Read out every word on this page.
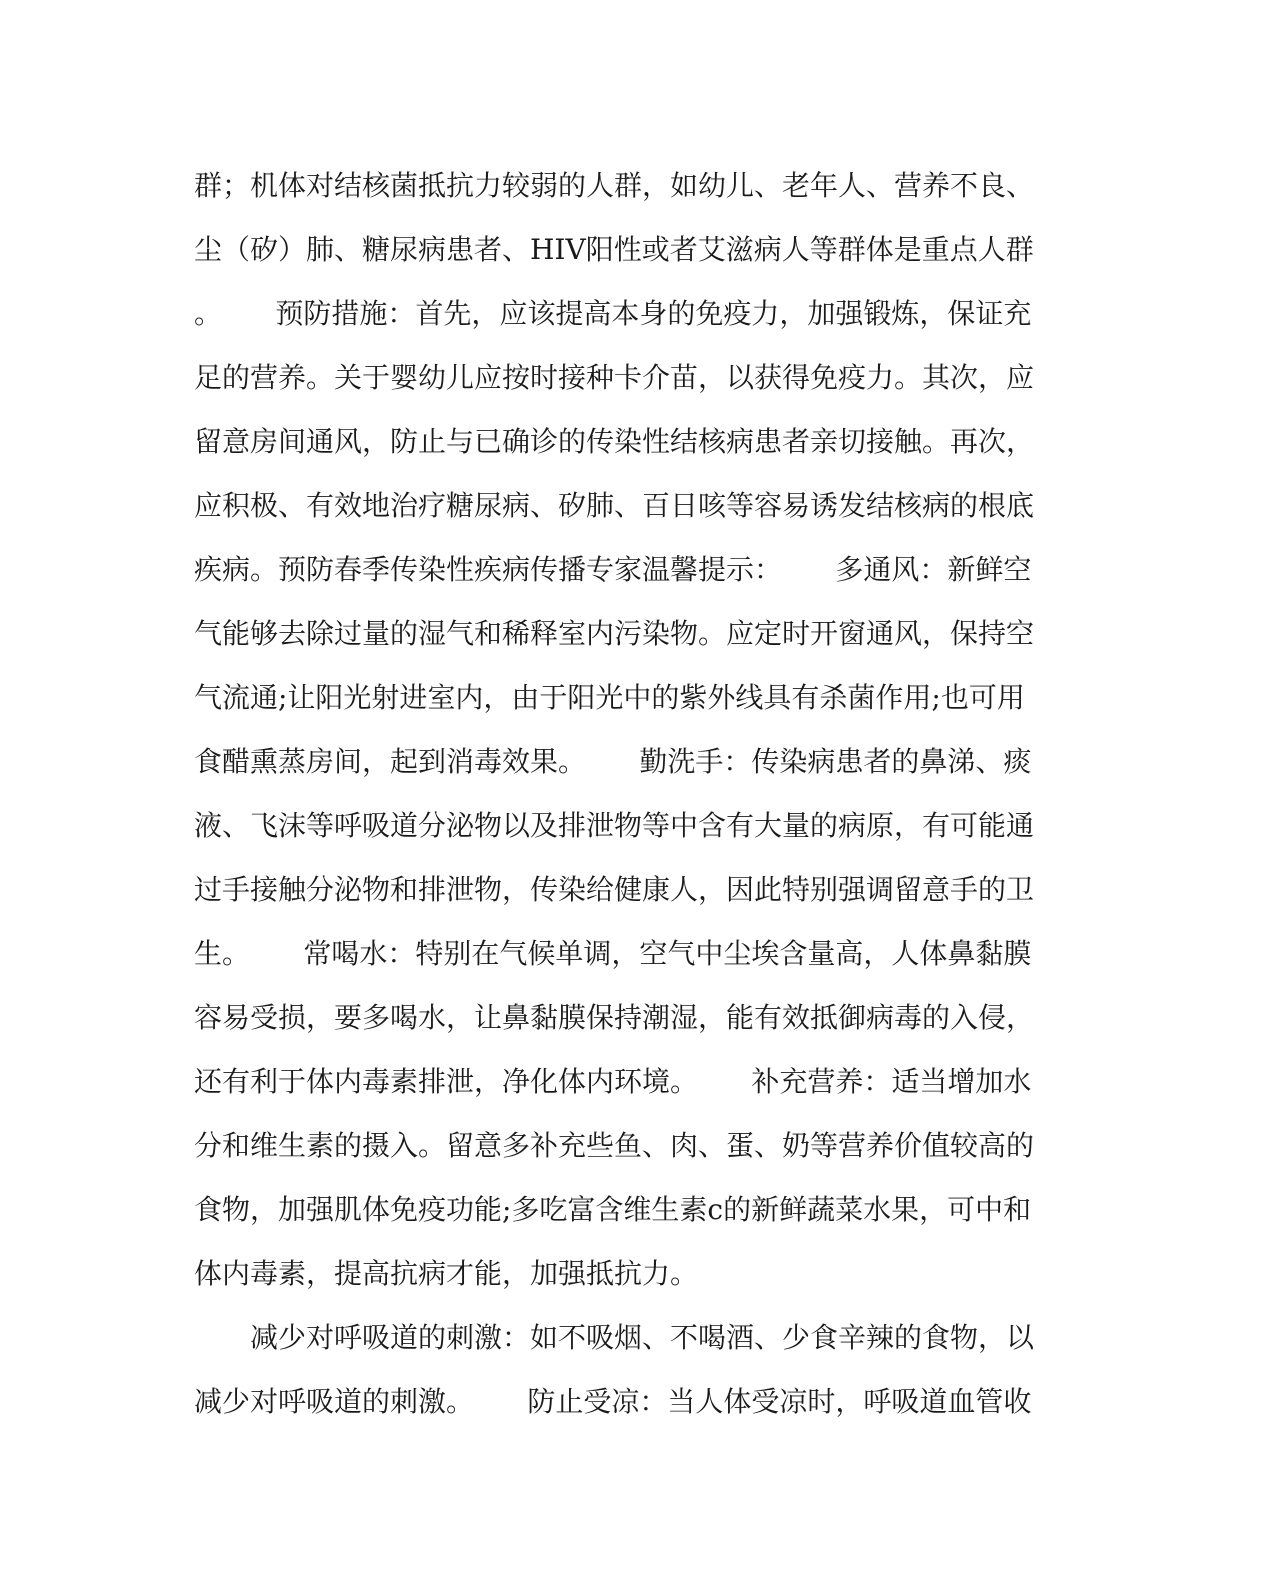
群；机体对结核菌抵抗力较弱的人群，如幼儿、老年人、营养不良、
尘（矽）肺、糖尿病患者、HIV阳性或者艾滋病人等群体是重点人群
。      预防措施：首先，应该提高本身的免疫力，加强锻炼，保证充
足的营养。关于婴幼儿应按时接种卡介苗，以获得免疫力。其次，应
留意房间通风，防止与已确诊的传染性结核病患者亲切接触。再次，
应积极、有效地治疗糖尿病、矽肺、百日咳等容易诱发结核病的根底
疾病。预防春季传染性疾病传播专家温馨提示：      多通风：新鲜空
气能够去除过量的湿气和稀释室内污染物。应定时开窗通风，保持空
气流通;让阳光射进室内，由于阳光中的紫外线具有杀菌作用;也可用
食醋熏蒸房间，起到消毒效果。      勤洗手：传染病患者的鼻涕、痰
液、飞沫等呼吸道分泌物以及排泄物等中含有大量的病原，有可能通
过手接触分泌物和排泄物，传染给健康人，因此特别强调留意手的卫
生。      常喝水：特别在气候单调，空气中尘埃含量高，人体鼻黏膜
容易受损，要多喝水，让鼻黏膜保持潮湿，能有效抵御病毒的入侵，
还有利于体内毒素排泄，净化体内环境。      补充营养：适当增加水
分和维生素的摄入。留意多补充些鱼、肉、蛋、奶等营养价值较高的
食物，加强肌体免疫功能;多吃富含维生素c的新鲜蔬菜水果，可中和
体内毒素，提高抗病才能，加强抵抗力。
减少对呼吸道的刺激：如不吸烟、不喝酒、少食辛辣的食物，以
减少对呼吸道的刺激。      防止受凉：当人体受凉时，呼吸道血管收
